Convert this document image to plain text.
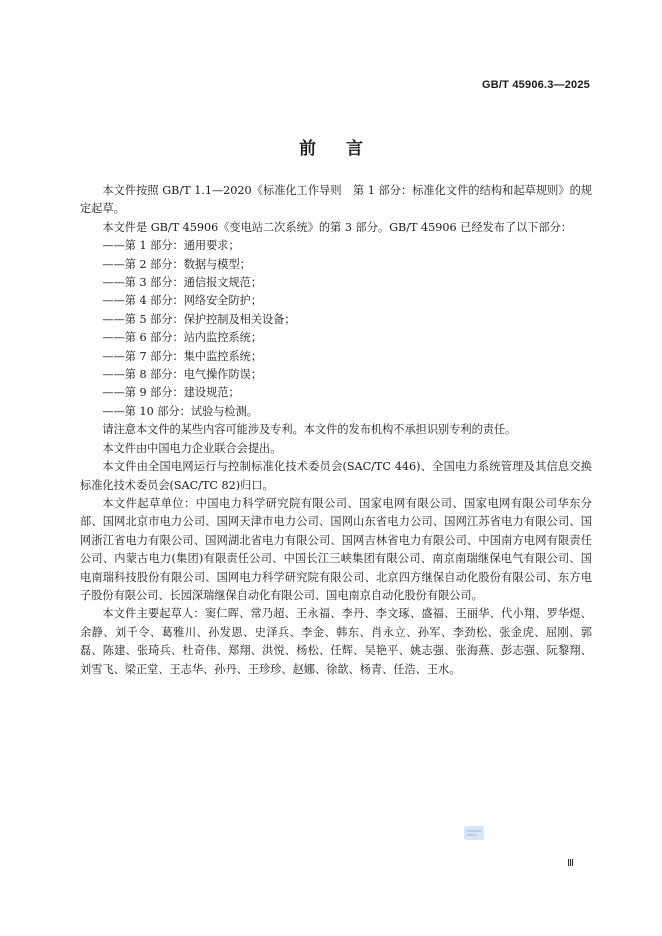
GB/T 45906.3—2025
前 言

本文件按照 GB/T 1.1—2020《标准化工作导则　第 1 部分：标准化文件的结构和起草规则》的规定起草。

本文件是 GB/T 45906《变电站二次系统》的第 3 部分。GB/T 45906 已经发布了以下部分：

——第 1 部分：通用要求；

——第 2 部分：数据与模型；

——第 3 部分：通信报文规范；

——第 4 部分：网络安全防护；

——第 5 部分：保护控制及相关设备；

——第 6 部分：站内监控系统；

——第 7 部分：集中监控系统；

——第 8 部分：电气操作防误；

——第 9 部分：建设规范；

——第 10 部分：试验与检测。

请注意本文件的某些内容可能涉及专利。本文件的发布机构不承担识别专利的责任。

本文件由中国电力企业联合会提出。

本文件由全国电网运行与控制标准化技术委员会(SAC/TC 446)、全国电力系统管理及其信息交换标准化技术委员会(SAC/TC 82)归口。

本文件起草单位：中国电力科学研究院有限公司、国家电网有限公司、国家电网有限公司华东分部、国网北京市电力公司、国网天津市电力公司、国网山东省电力公司、国网江苏省电力有限公司、国网浙江省电力有限公司、国网湖北省电力有限公司、国网吉林省电力有限公司、中国南方电网有限责任公司、内蒙古电力(集团)有限责任公司、中国长江三峡集团有限公司、南京南瑞继保电气有限公司、国电南瑞科技股份有限公司、国网电力科学研究院有限公司、北京四方继保自动化股份有限公司、东方电子股份有限公司、长园深瑞继保自动化有限公司、国电南京自动化股份有限公司。

本文件主要起草人：窦仁晖、常乃超、王永福、李丹、李文琢、盛福、王丽华、代小翔、罗华煜、余静、刘千令、葛雅川、孙发恩、史泽兵、李金、韩东、肖永立、孙军、李劲松、张金虎、屈刚、郭磊、陈建、张琦兵、杜奇伟、郑翔、洪悦、杨松、任辉、吴艳平、姚志强、张海燕、彭志强、阮黎翔、刘雪飞、梁正堂、王志华、孙丹、王珍珍、赵娜、徐歆、杨青、任浩、王水。

Ⅲ
